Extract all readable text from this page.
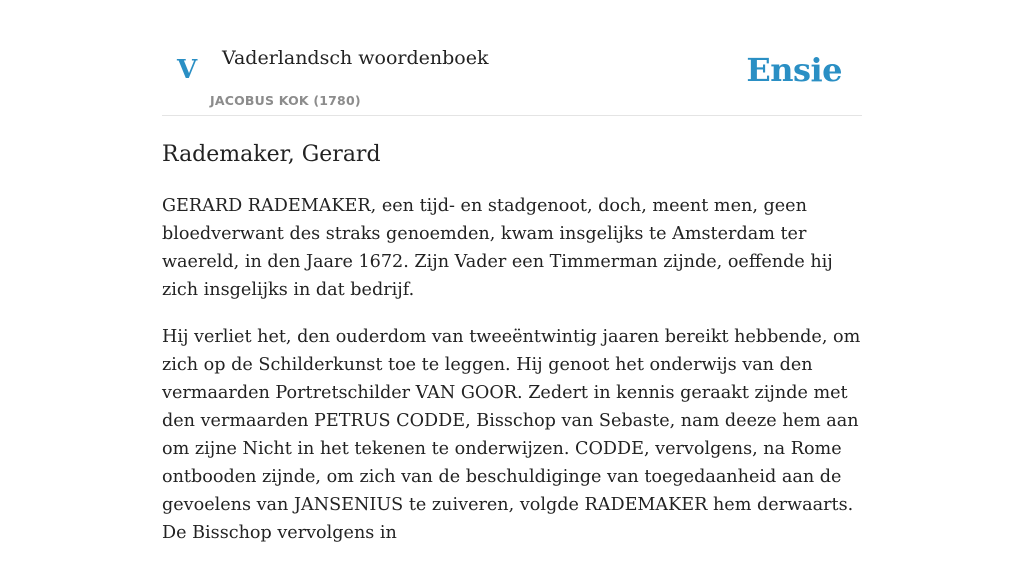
V Vaderlandsch woordenboek
JACOBUS KOK (1780)
Ensie
Rademaker, Gerard

GERARD RADEMAKER, een tijd- en stadgenoot, doch, meent men, geen bloedverwant des straks genoemden, kwam insgelijks te Amsterdam ter waereld, in den Jaare 1672. Zijn Vader een Timmerman zijnde, oeffende hij zich insgelijks in dat bedrijf.

Hij verliet het, den ouderdom van tweeëntwintig jaaren bereikt hebbende, om zich op de Schilderkunst toe te leggen. Hij genoot het onderwijs van den vermaarden Portretschilder VAN GOOR. Zedert in kennis geraakt zijnde met den vermaarden PETRUS CODDE, Bisschop van Sebaste, nam deeze hem aan om zijne Nicht in het tekenen te onderwijzen. CODDE, vervolgens, na Rome ontbooden zijnde, om zich van de beschuldiginge van toegedaanheid aan de gevoelens van JANSENIUS te zuiveren, volgde RADEMAKER hem derwaarts. De Bisschop vervolgens in
